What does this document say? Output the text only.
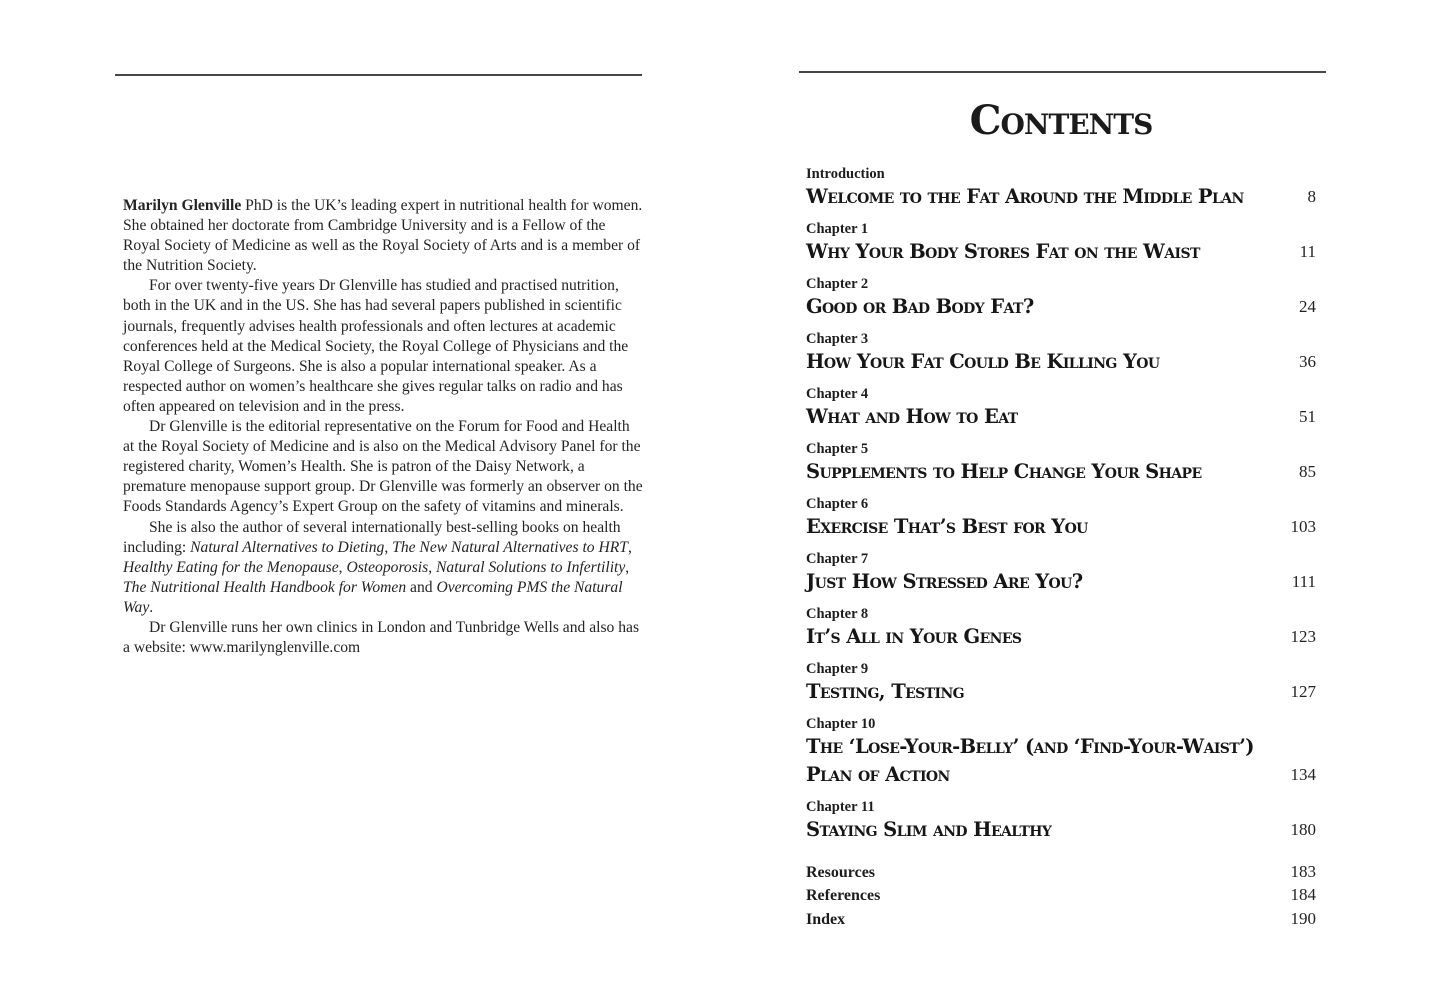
Marilyn Glenville PhD is the UK’s leading expert in nutritional health for women. She obtained her doctorate from Cambridge University and is a Fellow of the Royal Society of Medicine as well as the Royal Society of Arts and is a member of the Nutrition Society.

For over twenty-five years Dr Glenville has studied and practised nutrition, both in the UK and in the US. She has had several papers published in scientific journals, frequently advises health professionals and often lectures at academic conferences held at the Medical Society, the Royal College of Physicians and the Royal College of Surgeons. She is also a popular international speaker. As a respected author on women’s healthcare she gives regular talks on radio and has often appeared on television and in the press.

Dr Glenville is the editorial representative on the Forum for Food and Health at the Royal Society of Medicine and is also on the Medical Advisory Panel for the registered charity, Women’s Health. She is patron of the Daisy Network, a premature menopause support group. Dr Glenville was formerly an observer on the Foods Standards Agency’s Expert Group on the safety of vitamins and minerals.

She is also the author of several internationally best-selling books on health including: Natural Alternatives to Dieting, The New Natural Alternatives to HRT, Healthy Eating for the Menopause, Osteoporosis, Natural Solutions to Infertility, The Nutritional Health Handbook for Women and Overcoming PMS the Natural Way.

Dr Glenville runs her own clinics in London and Tunbridge Wells and also has a website: www.marilynglenville.com

Contents
Introduction
Welcome to the Fat Around the Middle Plan	8
Chapter 1
Why Your Body Stores Fat on the Waist	11
Chapter 2
Good or Bad Body Fat?	24
Chapter 3
How Your Fat Could Be Killing You	36
Chapter 4
What and How to Eat	51
Chapter 5
Supplements to Help Change Your Shape	85
Chapter 6
Exercise That’s Best for You	103
Chapter 7
Just How Stressed Are You?	111
Chapter 8
It’s All in Your Genes	123
Chapter 9
Testing, Testing	127
Chapter 10
The ‘Lose-Your-Belly’ (and ‘Find-Your-Waist’)
Plan of Action	134
Chapter 11
Staying Slim and Healthy	180
Resources	183
References	184
Index	190
